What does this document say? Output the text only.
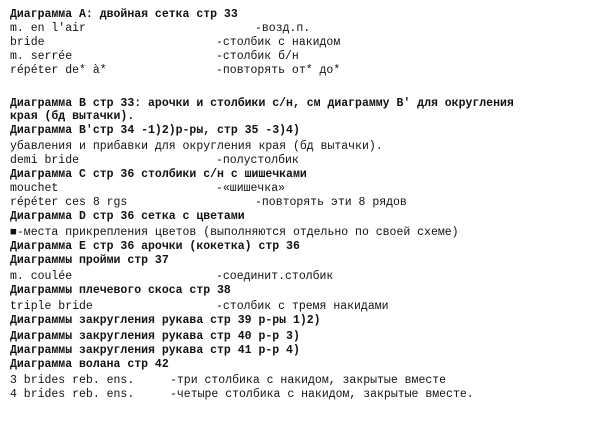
Диаграмма A: двойная сетка стр 33
m. en l'air	-возд.п.
bride	-столбик с накидом
m. serrée	-столбик б/н
répéter de* à*	-повторять от* до*
Диаграмма B стр 33: арочки и столбики с/н, см диаграмму B' для округления
края (бд вытачки).
Диаграмма B'стр 34 -1)2)р-ры, стр 35 -3)4)
убавления и прибавки для округления края (бд вытачки).
demi bride	-полустолбик
Диаграмма C стр 36 столбики с/н с шишечками
mouchet	-«шишечка»
répéter ces 8 rgs	-повторять эти 8 рядов
Диаграмма D стр 36 сетка с цветами
■-места прикрепления цветов (выполняются отдельно по своей схеме)
Диаграмма E стр 36 арочки (кокетка) стр 36
Диаграммы пройми стр 37
m. coulée	-соединит.столбик
Диаграммы плечевого скоса стр 38
triple bride	-столбик с тремя накидами
Диаграммы закругления рукава стр 39 р-ры 1)2)
Диаграммы закругления рукава стр 40 р-р 3)
Диаграммы закругления рукава стр 41 р-р 4)
Диаграмма волана стр 42
3 brides reb. ens.	-три столбика с накидом, закрытые вместе
4 brides reb. ens.	-четыре столбика с накидом, закрытые вместе.
